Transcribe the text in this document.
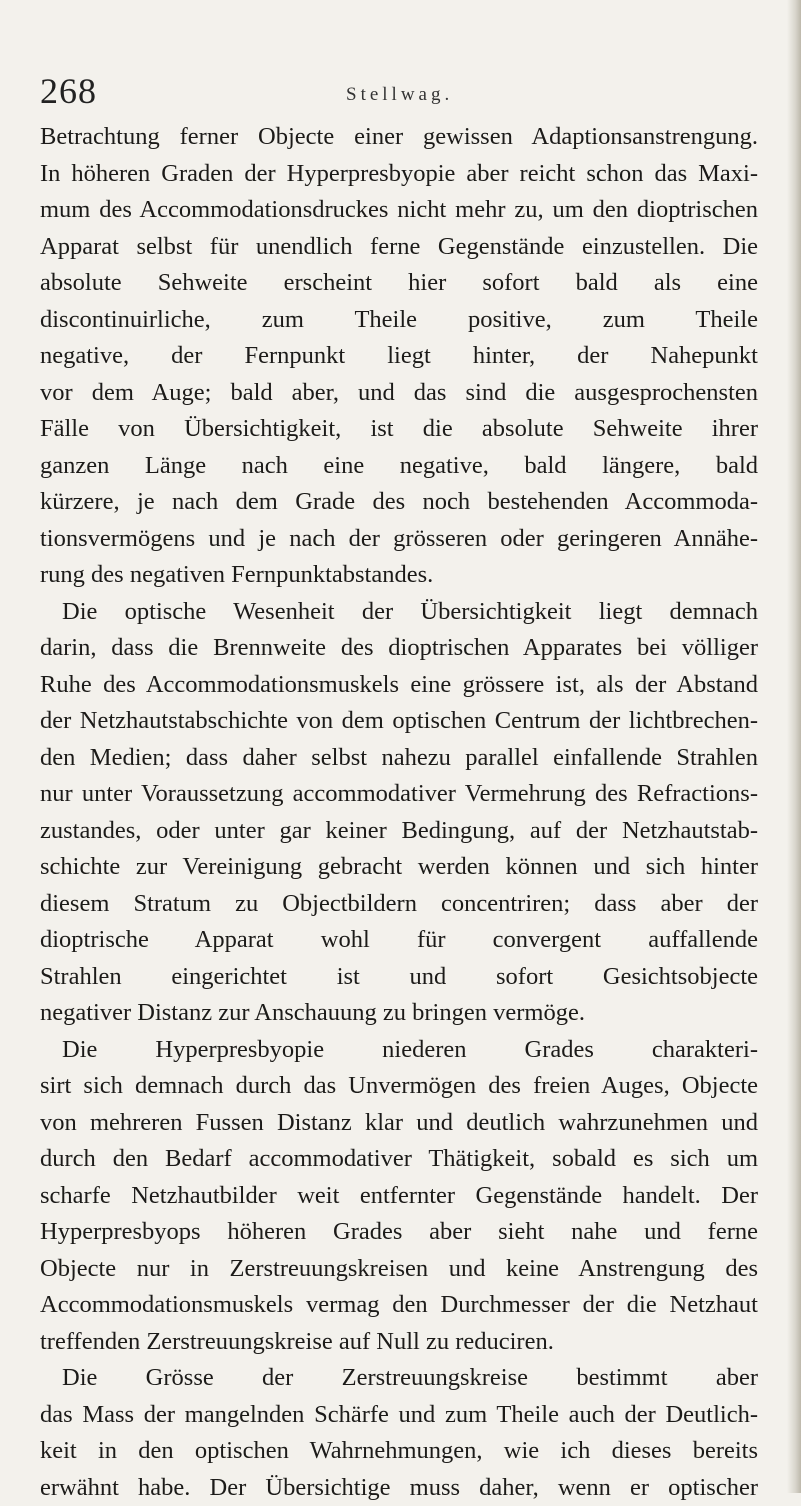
268	Stellwag.
Betrachtung ferner Objecte einer gewissen Adaptionsanstrengung.
In höheren Graden der Hyperpresbyopie aber reicht schon das Maxi-
mum des Accommodationsdruckes nicht mehr zu, um den dioptrischen
Apparat selbst für unendlich ferne Gegenstände einzustellen. Die
absolute Sehweite erscheint hier sofort bald als eine
discontinuirliche, zum Theile positive, zum Theile
negative, der Fernpunkt liegt hinter, der Nahepunkt
vor dem Auge; bald aber, und das sind die ausgesprochensten
Fälle von Übersichtigkeit, ist die absolute Sehweite ihrer
ganzen Länge nach eine negative, bald längere, bald
kürzere, je nach dem Grade des noch bestehenden Accommoda-
tionsvermögens und je nach der grösseren oder geringeren Annähe-
rung des negativen Fernpunktabstandes.
Die optische Wesenheit der Übersichtigkeit liegt demnach
darin, dass die Brennweite des dioptrischen Apparates bei völliger
Ruhe des Accommodationsmuskels eine grössere ist, als der Abstand
der Netzhautstabschichte von dem optischen Centrum der lichtbrechen-
den Medien; dass daher selbst nahezu parallel einfallende Strahlen
nur unter Voraussetzung accommodativer Vermehrung des Refractions-
zustandes, oder unter gar keiner Bedingung, auf der Netzhautstab-
schichte zur Vereinigung gebracht werden können und sich hinter
diesem Stratum zu Objectbildern concentriren; dass aber der
dioptrische Apparat wohl für convergent auffallende
Strahlen eingerichtet ist und sofort Gesichtsobjecte
negativer Distanz zur Anschauung zu bringen vermöge.
Die Hyperpresbyopie niederen Grades charakteri-
sirt sich demnach durch das Unvermögen des freien Auges, Objecte
von mehreren Fussen Distanz klar und deutlich wahrzunehmen und
durch den Bedarf accommodativer Thätigkeit, sobald es sich um
scharfe Netzhautbilder weit entfernter Gegenstände handelt. Der
Hyperpresbyops höheren Grades aber sieht nahe und ferne
Objecte nur in Zerstreuungskreisen und keine Anstrengung des
Accommodationsmuskels vermag den Durchmesser der die Netzhaut
treffenden Zerstreuungskreise auf Null zu reduciren.
Die Grösse der Zerstreuungskreise bestimmt aber
das Mass der mangelnden Schärfe und zum Theile auch der Deutlich-
keit in den optischen Wahrnehmungen, wie ich dieses bereits
erwähnt habe. Der Übersichtige muss daher, wenn er optischer
